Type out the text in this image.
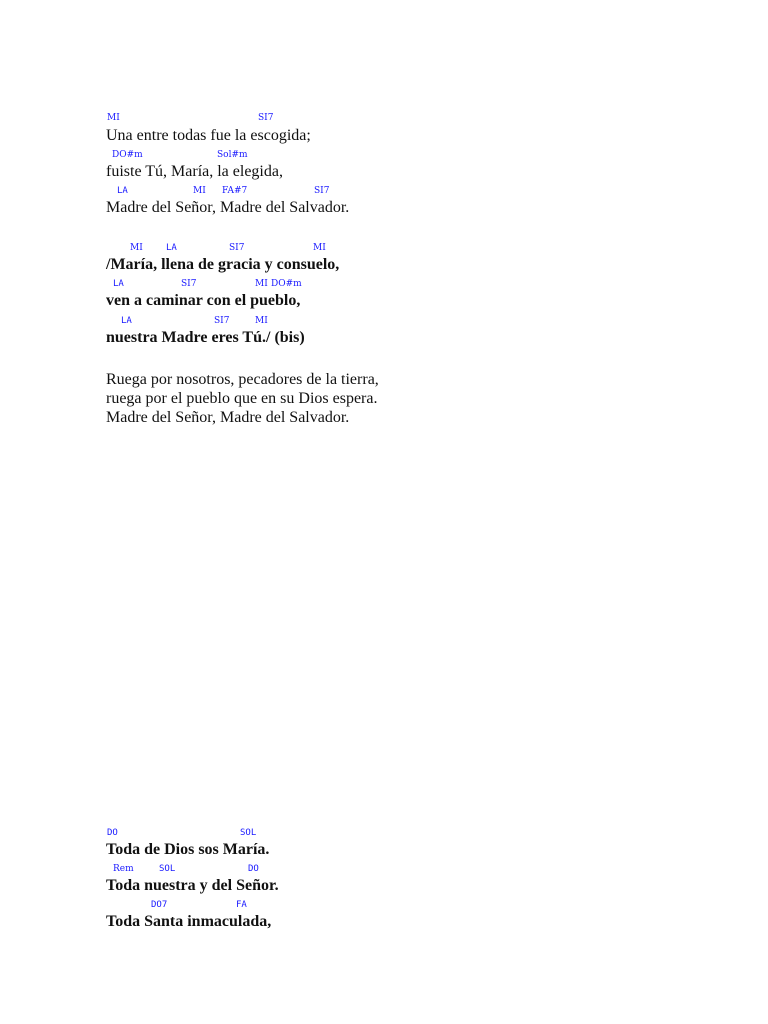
MI	SI7
Una entre todas fue la escogida;
DO#m	Sol#m
fuiste Tú, María, la elegida,
LA	MI FA#7	SI7
Madre del Señor, Madre del Salvador.
MI	LA	SI7	MI
/María, llena de gracia y consuelo,
LA	SI7	MI DO#m
ven a caminar con el pueblo,
LA	SI7	MI
nuestra Madre eres Tú./ (bis)
Ruega por nosotros, pecadores de la tierra,
ruega por el pueblo que en su Dios espera.
Madre del Señor, Madre del Salvador.
DO	SOL
Toda de Dios sos María.
Rem	SOL	DO
Toda nuestra y del Señor.
DO7	FA
Toda Santa inmaculada,
